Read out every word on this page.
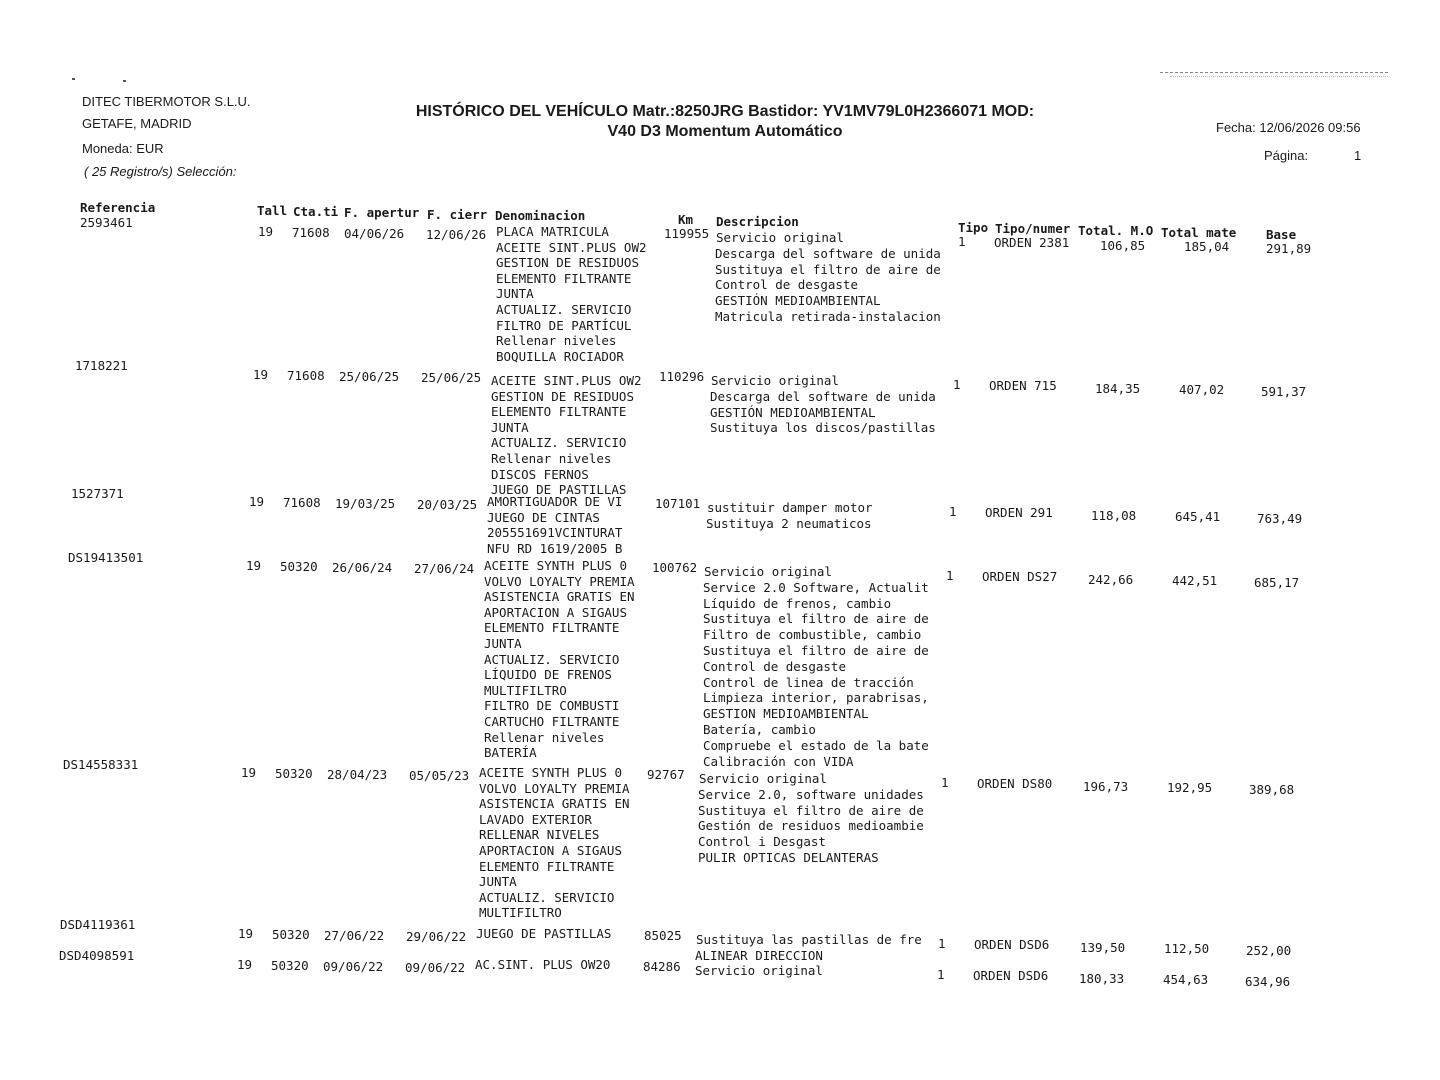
DITEC TIBERMOTOR S.L.U.
GETAFE, MADRID
Moneda: EUR
( 25 Registro/s) Selección:
HISTÓRICO DEL VEHÍCULO Matr.:8250JRG Bastidor: YV1MV79L0H2366071 MOD:
V40 D3 Momentum Automático	Fecha: 12/06/2026 09:56
Página:	1
Referencia	Tall Cta.ti F. apertur F. cierr Denominacion	Km Descripcion	Tipo Tipo/numer Total. M.O Total mate Base
2593461
19 71608 04/06/26 12/06/26 PLACA MATRICULA
ACEITE SINT.PLUS OW2
GESTION DE RESIDUOS
ELEMENTO FILTRANTE
JUNTA
ACTUALIZ. SERVICIO
FILTRO DE PARTÍCUL
Rellenar niveles
BOQUILLA ROCIADOR
119955 Servicio original
Descarga del software de unida
Sustituya el filtro de aire de
Control de desgaste
GESTIÓN MEDIOAMBIENTAL
Matricula retirada-instalacion
1 ORDEN 2381 106,85	185,04	291,89
1718221
19 71608 25/06/25 25/06/25 ACEITE SINT.PLUS OW2
GESTION DE RESIDUOS
ELEMENTO FILTRANTE
JUNTA
ACTUALIZ. SERVICIO
Rellenar niveles
DISCOS FERNOS
JUEGO DE PASTILLAS
110296 Servicio original
Descarga del software de unida
GESTIÓN MEDIOAMBIENTAL
Sustituya los discos/pastillas
1 ORDEN 715	184,35	407,02	591,37
1527371
19 71608 19/03/25 20/03/25 AMORTIGUADOR DE VI
JUEGO DE CINTAS
205551691VCINTURAT
NFU RD 1619/2005 B
107101 sustituir damper motor
Sustituya 2 neumaticos
1 ORDEN 291	118,08	645,41	763,49
DS19413501
19 50320 26/06/24 27/06/24 ACEITE SYNTH PLUS 0
VOLVO LOYALTY PREMIA
ASISTENCIA GRATIS EN
APORTACION A SIGAUS
ELEMENTO FILTRANTE
JUNTA
ACTUALIZ. SERVICIO
LÍQUIDO DE FRENOS
MULTIFILTRO
FILTRO DE COMBUSTI
CARTUCHO FILTRANTE
Rellenar niveles
BATERÍA
100762 Servicio original
Service 2.0 Software, Actualit
Líquido de frenos, cambio
Sustituya el filtro de aire de
Filtro de combustible, cambio
Sustituya el filtro de aire de
Control de desgaste
Control de linea de tracción
Limpieza interior, parabrisas,
GESTION MEDIOAMBIENTAL
Batería, cambio
Compruebe el estado de la bate
Calibración con VIDA
1 ORDEN DS27 242,66	442,51	685,17
DS14558331
19 50320 28/04/23 05/05/23 ACEITE SYNTH PLUS 0
VOLVO LOYALTY PREMIA
ASISTENCIA GRATIS EN
LAVADO EXTERIOR
RELLENAR NIVELES
APORTACION A SIGAUS
ELEMENTO FILTRANTE
JUNTA
ACTUALIZ. SERVICIO
MULTIFILTRO
92767 Servicio original
Service 2.0, software unidades
Sustituya el filtro de aire de
Gestión de residuos medioambie
Control i Desgast
PULIR OPTICAS DELANTERAS
1 ORDEN DS80 196,73	192,95	389,68
DSD4119361
19 50320 27/06/22 29/06/22 JUEGO DE PASTILLAS	85025 Sustituya las pastillas de fre
ALINEAR DIRECCION
1 ORDEN DSD6 139,50	112,50	252,00
DSD4098591
19 50320 09/06/22 09/06/22 AC.SINT. PLUS OW20	84286 Servicio original	1 ORDEN DSD6 180,33	454,63	634,96
